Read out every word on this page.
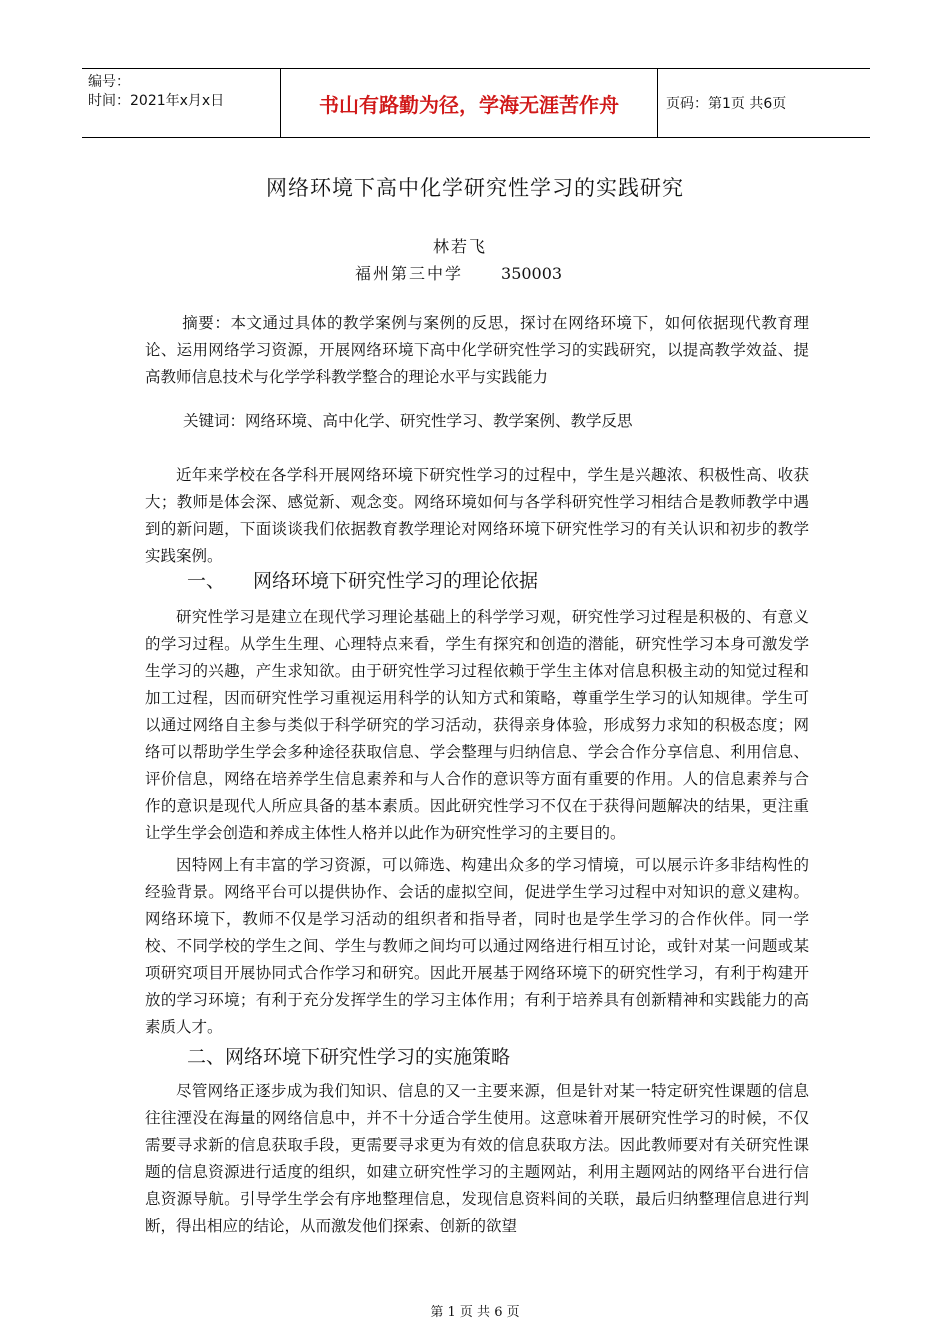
编号：
时间：2021年x月x日	书山有路勤为径，学海无涯苦作舟	页码：第1页 共6页
网络环境下高中化学研究性学习的实践研究
林若飞
福州第三中学 350003

摘要：本文通过具体的教学案例与案例的反思，探讨在网络环境下，如何依据现代教育理论、运用网络学习资源，开展网络环境下高中化学研究性学习的实践研究，以提高教学效益、提高教师信息技术与化学学科教学整合的理论水平与实践能力

关键词：网络环境、高中化学、研究性学习、教学案例、教学反思

近年来学校在各学科开展网络环境下研究性学习的过程中，学生是兴趣浓、积极性高、收获大；教师是体会深、感觉新、观念变。网络环境如何与各学科研究性学习相结合是教师教学中遇到的新问题，下面谈谈我们依据教育教学理论对网络环境下研究性学习的有关认识和初步的教学实践案例。

一、 网络环境下研究性学习的理论依据

研究性学习是建立在现代学习理论基础上的科学学习观，研究性学习过程是积极的、有意义的学习过程。从学生生理、心理特点来看，学生有探究和创造的潜能，研究性学习本身可激发学生学习的兴趣，产生求知欲。由于研究性学习过程依赖于学生主体对信息积极主动的知觉过程和加工过程，因而研究性学习重视运用科学的认知方式和策略，尊重学生学习的认知规律。学生可以通过网络自主参与类似于科学研究的学习活动，获得亲身体验，形成努力求知的积极态度；网络可以帮助学生学会多种途径获取信息、学会整理与归纳信息、学会合作分享信息、利用信息、评价信息，网络在培养学生信息素养和与人合作的意识等方面有重要的作用。人的信息素养与合作的意识是现代人所应具备的基本素质。因此研究性学习不仅在于获得问题解决的结果，更注重让学生学会创造和养成主体性人格并以此作为研究性学习的主要目的。

因特网上有丰富的学习资源，可以筛选、构建出众多的学习情境，可以展示许多非结构性的经验背景。网络平台可以提供协作、会话的虚拟空间，促进学生学习过程中对知识的意义建构。网络环境下，教师不仅是学习活动的组织者和指导者，同时也是学生学习的合作伙伴。同一学校、不同学校的学生之间、学生与教师之间均可以通过网络进行相互讨论，或针对某一问题或某项研究项目开展协同式合作学习和研究。因此开展基于网络环境下的研究性学习，有利于构建开放的学习环境；有利于充分发挥学生的学习主体作用；有利于培养具有创新精神和实践能力的高素质人才。

二、网络环境下研究性学习的实施策略

尽管网络正逐步成为我们知识、信息的又一主要来源，但是针对某一特定研究性课题的信息往往湮没在海量的网络信息中，并不十分适合学生使用。这意味着开展研究性学习的时候，不仅需要寻求新的信息获取手段，更需要寻求更为有效的信息获取方法。因此教师要对有关研究性课题的信息资源进行适度的组织，如建立研究性学习的主题网站，利用主题网站的网络平台进行信息资源导航。引导学生学会有序地整理信息，发现信息资料间的关联，最后归纳整理信息进行判断，得出相应的结论，从而激发他们探索、创新的欲望

第 1 页 共 6 页
